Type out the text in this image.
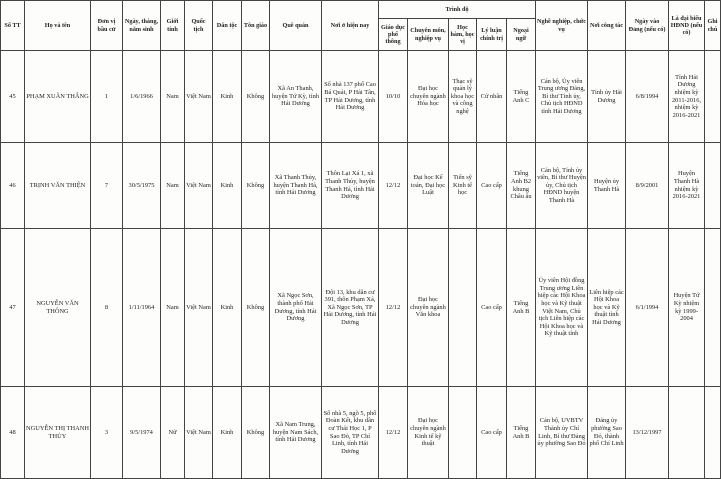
Số TT	Họ và tên	Đơn vị bầu cử	Ngày, tháng, năm sinh	Giới tính	Quốc tịch	Dân tộc	Tôn giáo	Quê quán	Nơi ở hiện nay	Trình độ					Nghề nghiệp, chức vụ	Nơi công tác	Ngày vào Đảng (nếu có)	Là đại biểu HĐND (nếu có)	Ghi chú
										Giáo dục phổ thông	Chuyên môn, nghiệp vụ	Học hàm, học vị	Lý luận chính trị	Ngoại ngữ					
45	PHẠM XUÂN THẮNG	1	1/6/1966	Nam	Việt Nam	Kinh	Không	Xã An Thanh, huyện Tứ Kỳ, tỉnh Hải Dương	Số nhà 137 phố Cao Bá Quát, P Hải Tân, TP Hải Dương, tỉnh Hải Dương	10/10	Đại học chuyên ngành Hóa học	Thạc sỹ quản lý khoa học và công nghệ	Cử nhân	Tiếng Anh C	Cán bộ, Ủy viên Trung ương Đảng, Bí thư Tỉnh ủy, Chủ tịch HĐND tỉnh Hải Dương	Tỉnh ủy Hải Dương	6/8/1994	Tỉnh Hải Dương nhiệm kỳ 2011-2016, nhiệm kỳ 2016-2021	
46	TRỊNH VĂN THIỆN	7	30/5/1975	Nam	Việt Nam	Kinh	Không	Xã Thanh Thủy, huyện Thanh Hà, tỉnh Hải Dương	Thôn Lại Xá 1, xã Thanh Thủy, huyện Thanh Hà, tỉnh Hải Dương	12/12	Đại học Kế toán, Đại học Luật	Tiến sỹ Kinh tế học	Cao cấp	Tiếng Anh B2 khung Châu âu	Cán bộ, Tỉnh ủy viên, Bí thư Huyện ủy, Chủ tịch HĐND huyện Thanh Hà	Huyện ủy Thanh Hà	8/9/2001	Huyện Thanh Hà nhiệm kỳ 2016-2021	
47	NGUYỄN VĂN THÔNG	8	1/11/1964	Nam	Việt Nam	Kinh	Không	Xã Ngọc Sơn, thành phố Hải Dương, tỉnh Hải Dương	Đội 13, khu dân cư 391, thôn Phạm Xá, Xã Ngọc Sơn, TP Hải Dương, tỉnh Hải Dương	12/12	Đại học chuyên ngành Văn khoa		Cao cấp	Tiếng Anh B	Ủy viên Hội đồng Trung ương Liên hiệp các Hội Khoa học và Kỹ thuật Việt Nam, Chủ tịch Liên hiệp các Hội Khoa học và Kỹ thuật tỉnh	Liên hiệp các Hội Khoa học và Kỹ thuật tỉnh Hải Dương	6/1/1994	Huyện Tứ Kỳ nhiệm kỳ 1999-2004	
48	NGUYỄN THỊ THANH THỦY	3	9/5/1974	Nữ	Việt Nam	Kinh	Không	Xã Nam Trung, huyện Nam Sách, tỉnh Hải Dương	Số nhà 5, ngõ 5, phố Đoàn Kết, khu dân cư Thái Học 1, P Sao Đỏ, TP Chí Linh, tỉnh Hải Dương	12/12	Đại học chuyên ngành Kinh tế kỹ thuật		Cao cấp	Tiếng Anh B	Cán bộ, UVBTV Thành ủy Chí Linh, Bí thư Đảng ủy phường Sao Đỏ	Đảng ủy phường Sao Đỏ, thành phố Chí Linh	13/12/1997		
